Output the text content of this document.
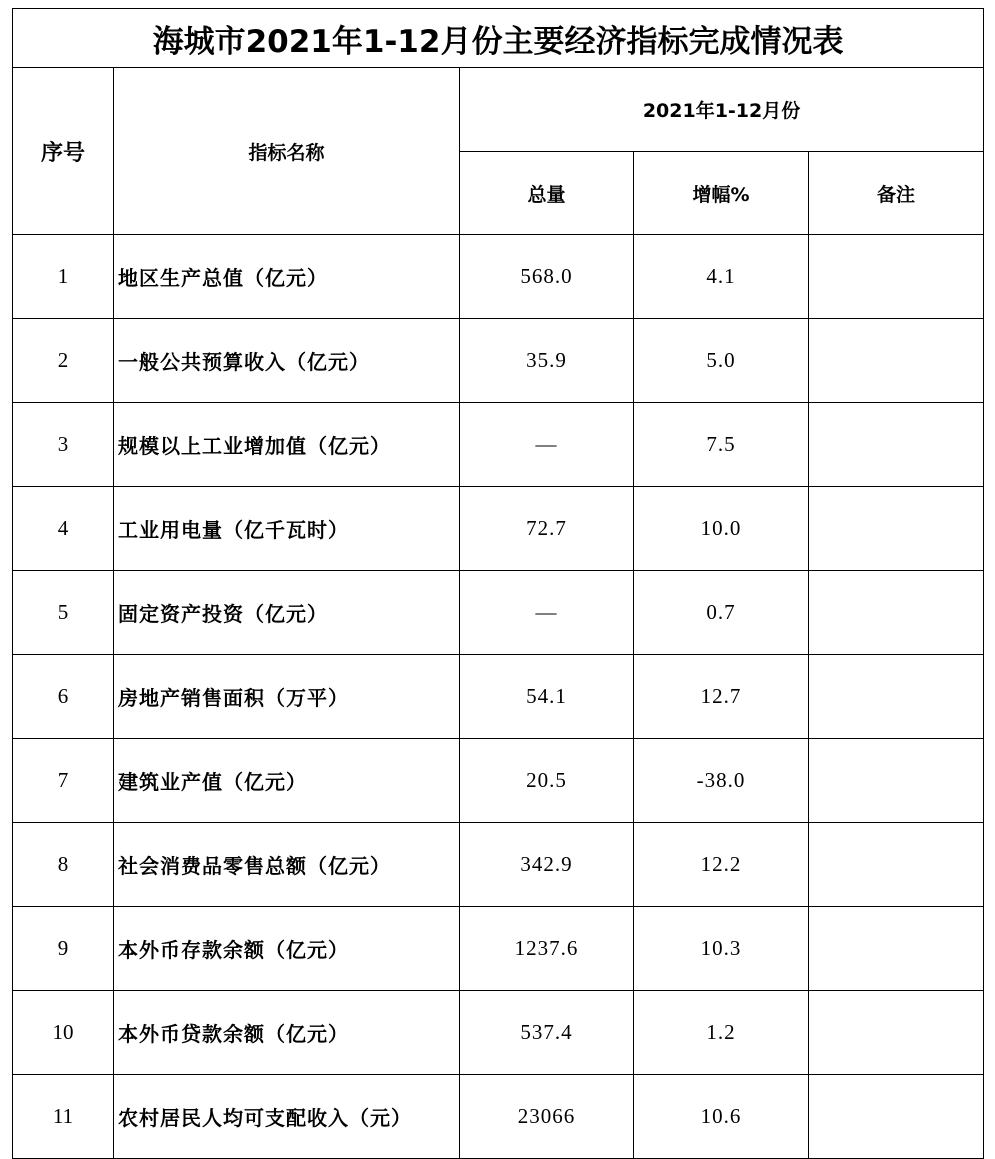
海城市2021年1-12月份主要经济指标完成情况表				
序号	指标名称	2021年1-12月份		
		总量	增幅%	备注
1	地区生产总值（亿元）	568.0	4.1	
2	一般公共预算收入（亿元）	35.9	5.0	
3	规模以上工业增加值（亿元）	—	7.5	
4	工业用电量（亿千瓦时）	72.7	10.0	
5	固定资产投资（亿元）	—	0.7	
6	房地产销售面积（万平）	54.1	12.7	
7	建筑业产值（亿元）	20.5	-38.0	
8	社会消费品零售总额（亿元）	342.9	12.2	
9	本外币存款余额（亿元）	1237.6	10.3	
10	本外币贷款余额（亿元）	537.4	1.2	
11	农村居民人均可支配收入（元）	23066	10.6	
